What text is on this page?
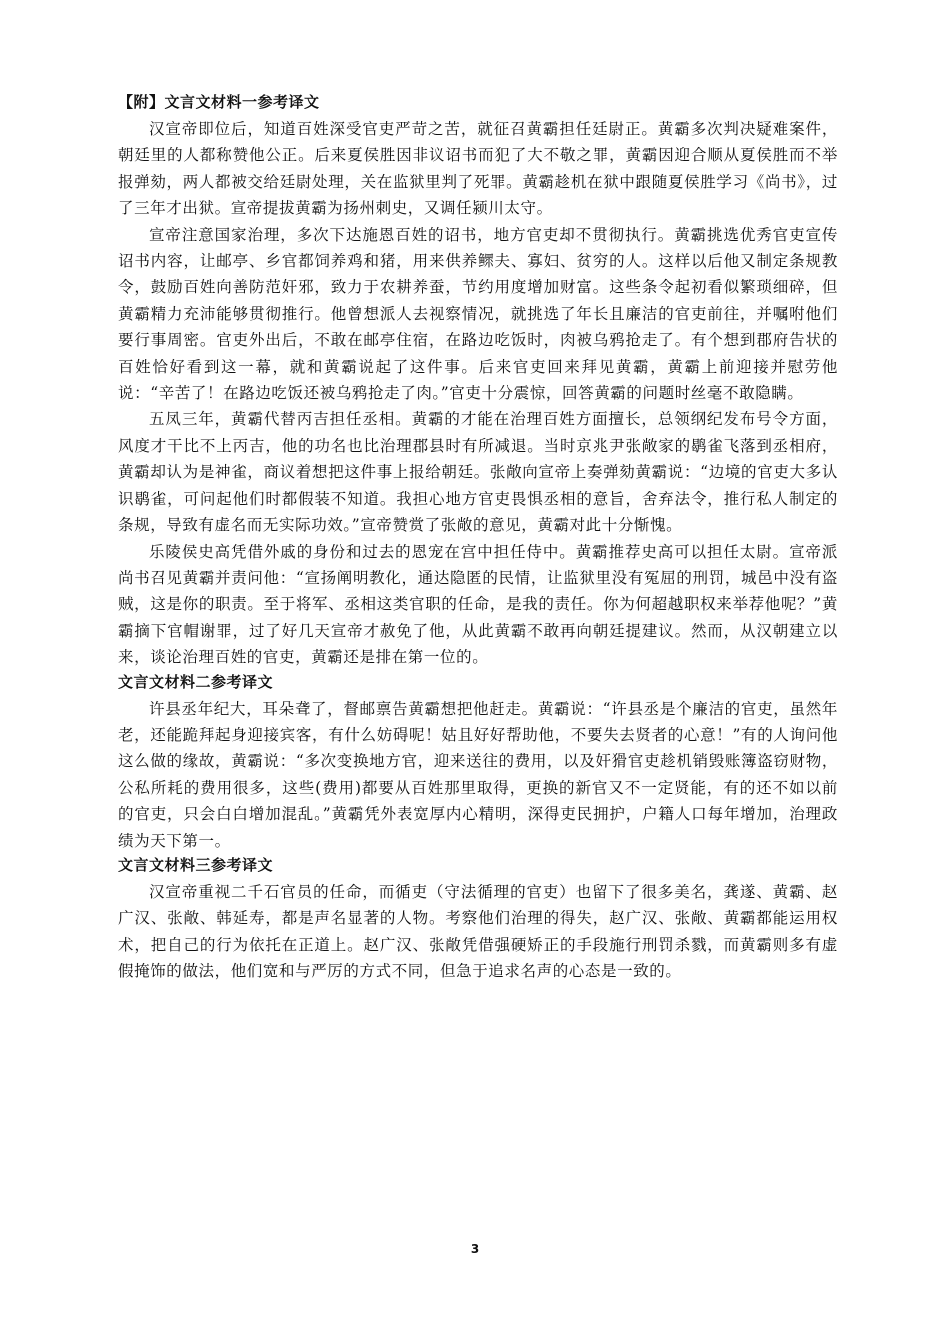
【附】文言文材料一参考译文

汉宣帝即位后，知道百姓深受官吏严苛之苦，就征召黄霸担任廷尉正。黄霸多次判决疑难案件，朝廷里的人都称赞他公正。后来夏侯胜因非议诏书而犯了大不敬之罪，黄霸因迎合顺从夏侯胜而不举报弹劾，两人都被交给廷尉处理，关在监狱里判了死罪。黄霸趁机在狱中跟随夏侯胜学习《尚书》，过了三年才出狱。宣帝提拔黄霸为扬州刺史，又调任颍川太守。

宣帝注意国家治理，多次下达施恩百姓的诏书，地方官吏却不贯彻执行。黄霸挑选优秀官吏宣传诏书内容，让邮亭、乡官都饲养鸡和猪，用来供养鳏夫、寡妇、贫穷的人。这样以后他又制定条规教令，鼓励百姓向善防范奸邪，致力于农耕养蚕，节约用度增加财富。这些条令起初看似繁琐细碎，但黄霸精力充沛能够贯彻推行。他曾想派人去视察情况，就挑选了年长且廉洁的官吏前往，并嘱咐他们要行事周密。官吏外出后，不敢在邮亭住宿，在路边吃饭时，肉被乌鸦抢走了。有个想到郡府告状的百姓恰好看到这一幕，就和黄霸说起了这件事。后来官吏回来拜见黄霸，黄霸上前迎接并慰劳他说：“辛苦了！在路边吃饭还被乌鸦抢走了肉。”官吏十分震惊，回答黄霸的问题时丝毫不敢隐瞒。

五凤三年，黄霸代替丙吉担任丞相。黄霸的才能在治理百姓方面擅长，总领纲纪发布号令方面，风度才干比不上丙吉，他的功名也比治理郡县时有所减退。当时京兆尹张敞家的鹖雀飞落到丞相府，黄霸却认为是神雀，商议着想把这件事上报给朝廷。张敞向宣帝上奏弹劾黄霸说：“边境的官吏大多认识鹖雀，可问起他们时都假装不知道。我担心地方官吏畏惧丞相的意旨，舍弃法令，推行私人制定的条规，导致有虚名而无实际功效。”宣帝赞赏了张敞的意见，黄霸对此十分惭愧。

乐陵侯史高凭借外戚的身份和过去的恩宠在宫中担任侍中。黄霸推荐史高可以担任太尉。宣帝派尚书召见黄霸并责问他：“宣扬阐明教化，通达隐匿的民情，让监狱里没有冤屈的刑罚，城邑中没有盗贼，这是你的职责。至于将军、丞相这类官职的任命，是我的责任。你为何超越职权来举荐他呢？”黄霸摘下官帽谢罪，过了好几天宣帝才赦免了他，从此黄霸不敢再向朝廷提建议。然而，从汉朝建立以来，谈论治理百姓的官吏，黄霸还是排在第一位的。

文言文材料二参考译文

许县丞年纪大，耳朵聋了，督邮禀告黄霸想把他赶走。黄霸说：“许县丞是个廉洁的官吏，虽然年老，还能跪拜起身迎接宾客，有什么妨碍呢！姑且好好帮助他，不要失去贤者的心意！”有的人询问他这么做的缘故，黄霸说：“多次变换地方官，迎来送往的费用，以及奸猾官吏趁机销毁账簿盗窃财物，公私所耗的费用很多，这些(费用)都要从百姓那里取得，更换的新官又不一定贤能，有的还不如以前的官吏，只会白白增加混乱。”黄霸凭外表宽厚内心精明，深得吏民拥护，户籍人口每年增加，治理政绩为天下第一。

文言文材料三参考译文

汉宣帝重视二千石官员的任命，而循吏（守法循理的官吏）也留下了很多美名，龚遂、黄霸、赵广汉、张敞、韩延寿，都是声名显著的人物。考察他们治理的得失，赵广汉、张敞、黄霸都能运用权术，把自己的行为依托在正道上。赵广汉、张敞凭借强硬矫正的手段施行刑罚杀戮，而黄霸则多有虚假掩饰的做法，他们宽和与严厉的方式不同，但急于追求名声的心态是一致的。

3
